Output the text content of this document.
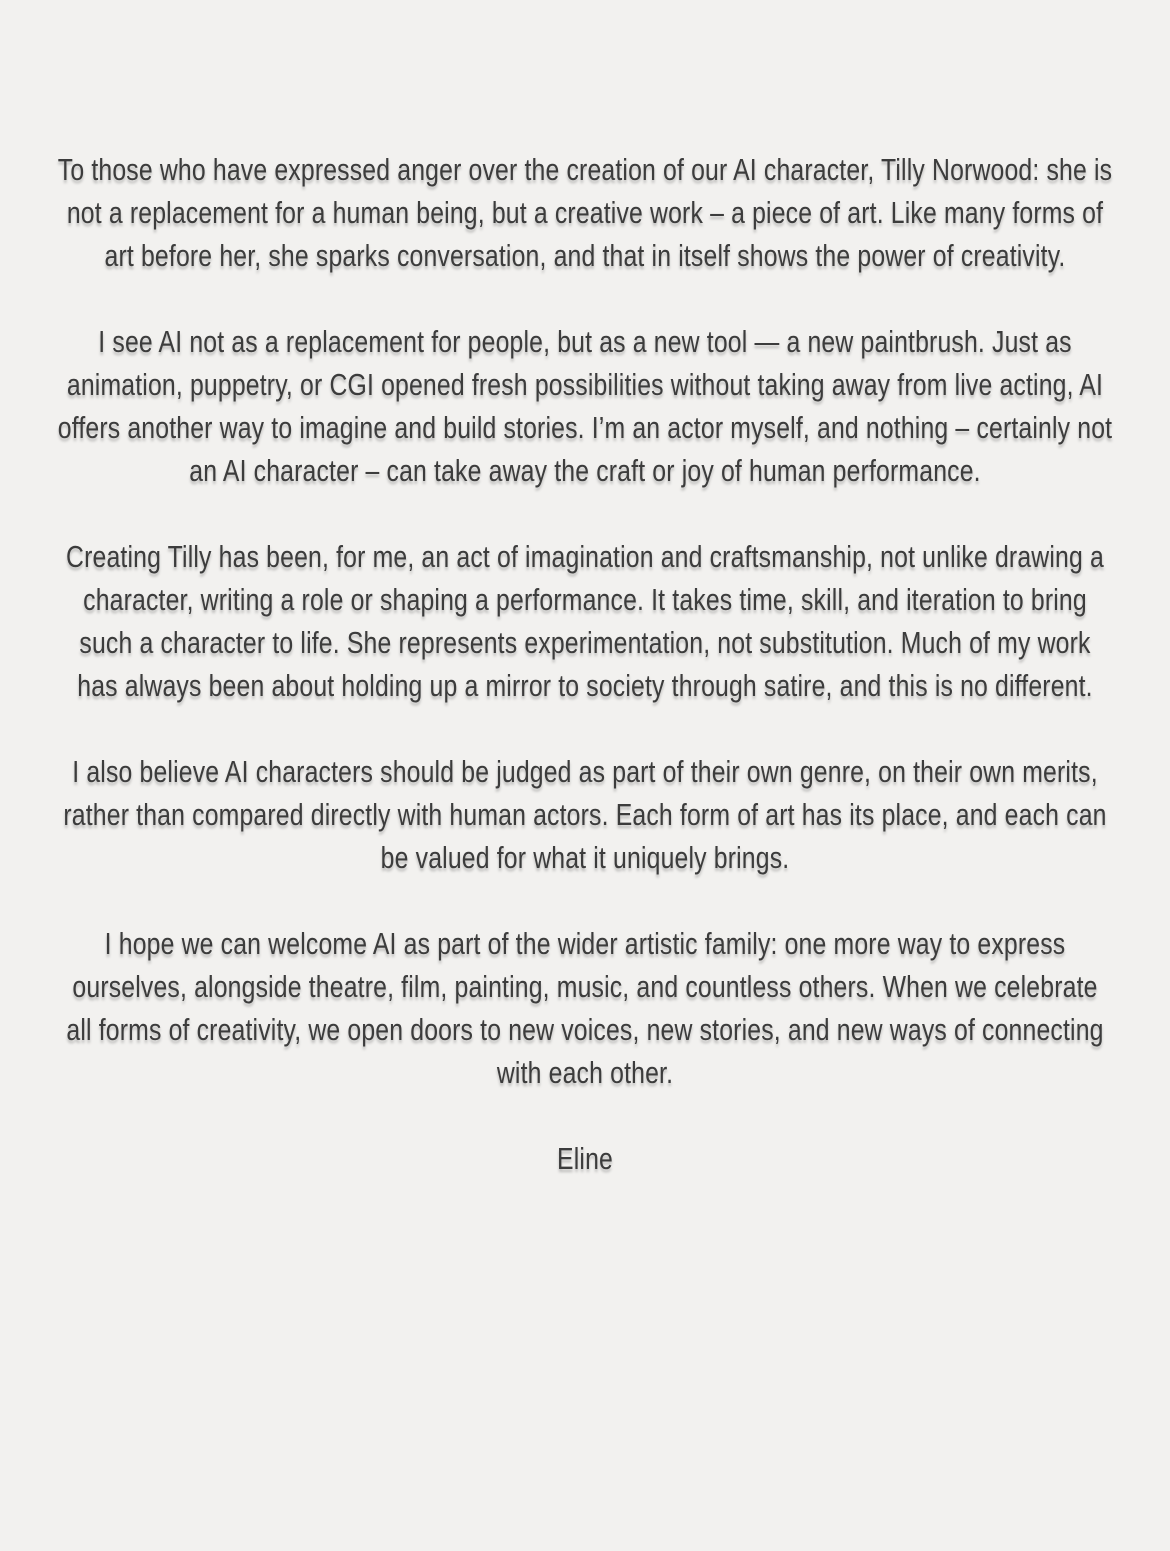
To those who have expressed anger over the creation of our AI character, Tilly Norwood: she is not a replacement for a human being, but a creative work – a piece of art. Like many forms of art before her, she sparks conversation, and that in itself shows the power of creativity.

I see AI not as a replacement for people, but as a new tool — a new paintbrush. Just as animation, puppetry, or CGI opened fresh possibilities without taking away from live acting, AI offers another way to imagine and build stories. I’m an actor myself, and nothing – certainly not an AI character – can take away the craft or joy of human performance.

Creating Tilly has been, for me, an act of imagination and craftsmanship, not unlike drawing a character, writing a role or shaping a performance. It takes time, skill, and iteration to bring such a character to life. She represents experimentation, not substitution. Much of my work has always been about holding up a mirror to society through satire, and this is no different.

I also believe AI characters should be judged as part of their own genre, on their own merits, rather than compared directly with human actors. Each form of art has its place, and each can be valued for what it uniquely brings.

I hope we can welcome AI as part of the wider artistic family: one more way to express ourselves, alongside theatre, film, painting, music, and countless others. When we celebrate all forms of creativity, we open doors to new voices, new stories, and new ways of connecting with each other.

Eline
